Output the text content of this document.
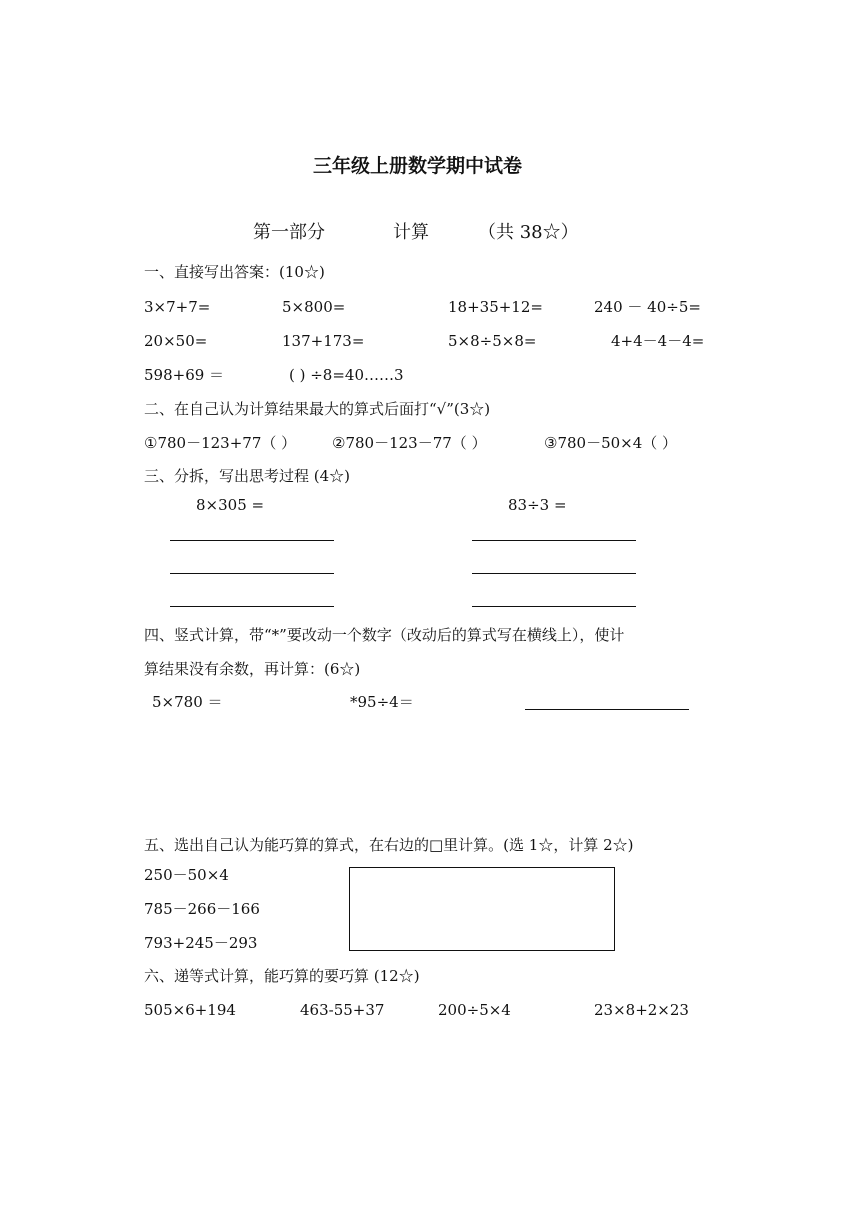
三年级上册数学期中试卷
第一部分	计算	（共 38☆）
一、直接写出答案：(10☆)
3×7+7=	5×800=	18+35+12=	240 － 40÷5=
20×50=	137+173=	5×8÷5×8=	4+4－4－4=
598+69 ＝	( ) ÷8=40……3
二、在自己认为计算结果最大的算式后面打“√”(3☆)
①780－123+77（ ） ②780－123－77（ ）	③780－50×4（ ）
三、分拆，写出思考过程 (4☆)
8×305 =	83÷3 =
四、竖式计算，带“*”要改动一个数字（改动后的算式写在横线上），使计
算结果没有余数，再计算：(6☆)
5×780 ＝	*95÷4＝
五、选出自己认为能巧算的算式，在右边的□里计算。(选 1☆，计算 2☆)
250－50×4
785－266－166
793+245－293
六、递等式计算，能巧算的要巧算 (12☆)
505×6+194	463-55+37	200÷5×4	23×8+2×23
